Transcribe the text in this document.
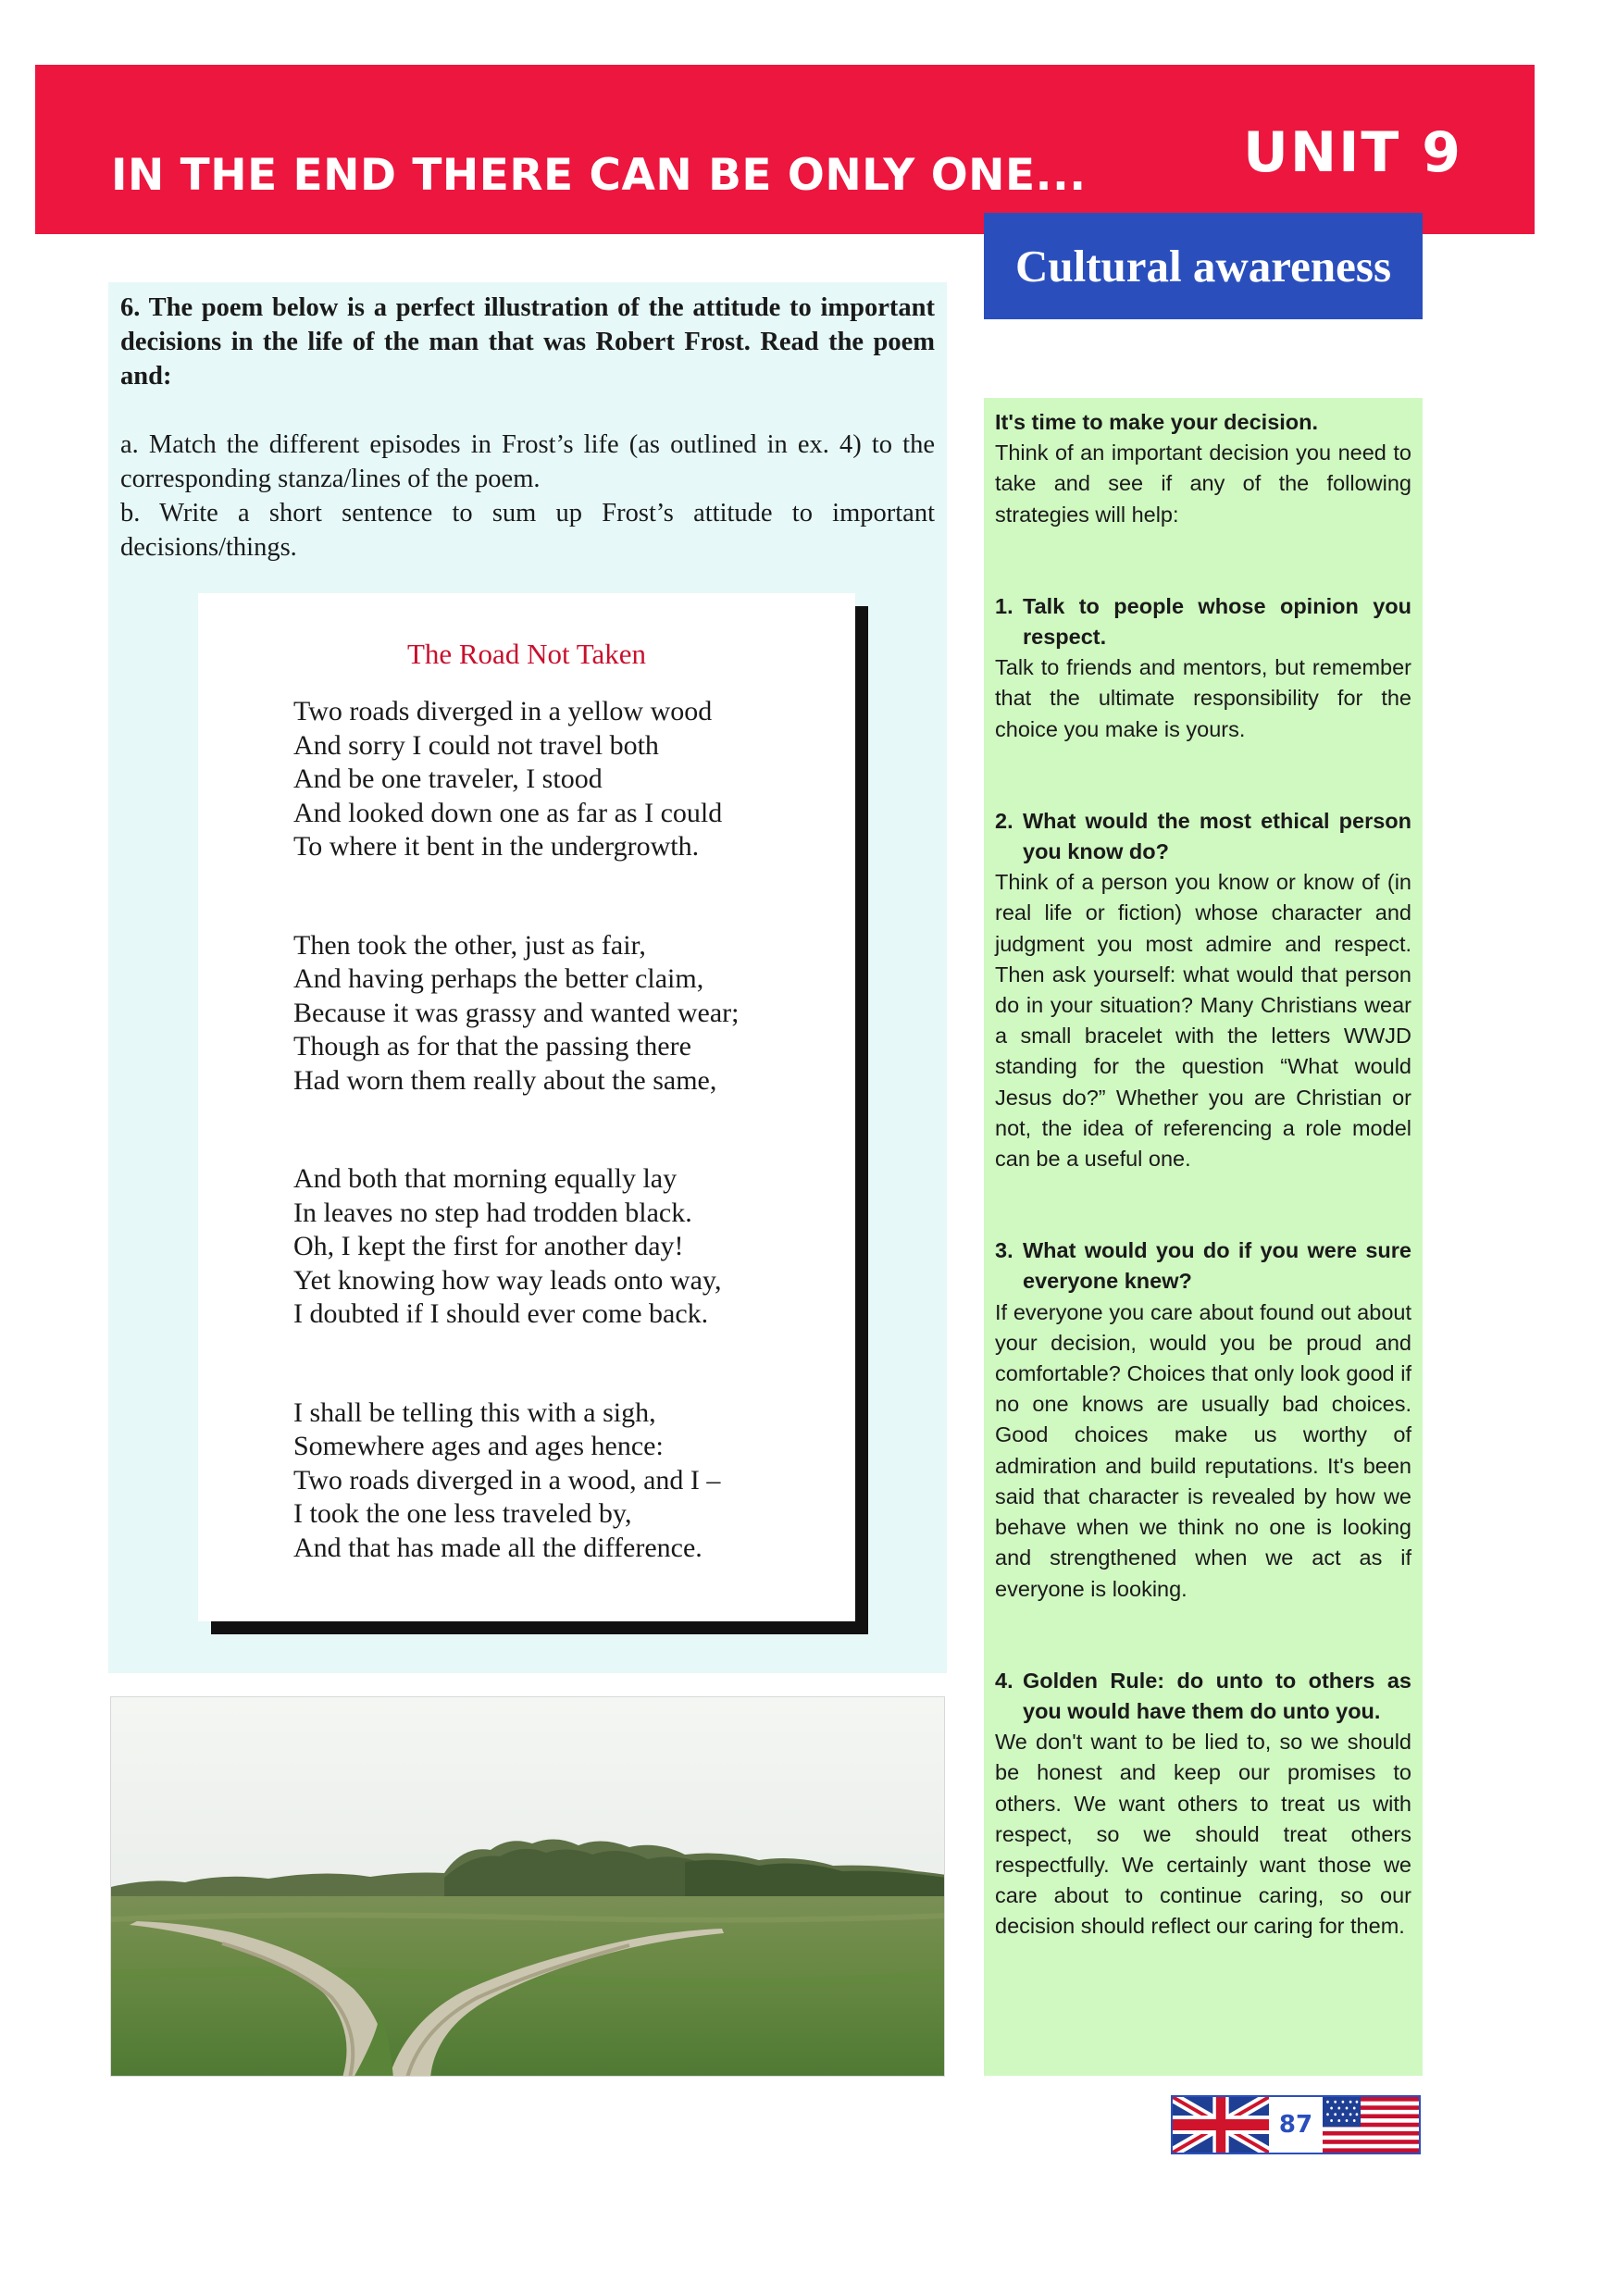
IN THE END THERE CAN BE ONLY ONE...	UNIT 9
6. The poem below is a perfect illustration of the attitude to important decisions in the life of the man that was Robert Frost. Read the poem and:
a. Match the different episodes in Frost’s life (as outlined in ex. 4) to the corresponding stanza/lines of the poem.
b. Write a short sentence to sum up Frost’s attitude to important decisions/things.
The Road Not Taken
Two roads diverged in a yellow wood
And sorry I could not travel both
And be one traveler, I stood
And looked down one as far as I could
To where it bent in the undergrowth.
Then took the other, just as fair,
And having perhaps the better claim,
Because it was grassy and wanted wear;
Though as for that the passing there
Had worn them really about the same,
And both that morning equally lay
In leaves no step had trodden black.
Oh, I kept the first for another day!
Yet knowing how way leads onto way,
I doubted if I should ever come back.
I shall be telling this with a sigh,
Somewhere ages and ages hence:
Two roads diverged in a wood, and I –
I took the one less traveled by,
And that has made all the difference.
Cultural awareness
It's time to make your decision.
Think of an important decision you need to take and see if any of the following strategies will help:
1. Talk to people whose opinion you respect.
Talk to friends and mentors, but remember that the ultimate responsibility for the choice you make is yours.
2. What would the most ethical person you know do?
Think of a person you know or know of (in real life or fiction) whose character and judgment you most admire and respect. Then ask yourself: what would that person do in your situation? Many Christians wear a small bracelet with the letters WWJD standing for the question “What would Jesus do?” Whether you are Christian or not, the idea of referencing a role model can be a useful one.
3. What would you do if you were sure everyone knew?
If everyone you care about found out about your decision, would you be proud and comfortable? Choices that only look good if no one knows are usually bad choices. Good choices make us worthy of admiration and build reputations. It's been said that character is revealed by how we behave when we think no one is looking and strengthened when we act as if everyone is looking.
4. Golden Rule: do unto to others as you would have them do unto you.
We don't want to be lied to, so we should be honest and keep our promises to others. We want others to treat us with respect, so we should treat others respectfully. We certainly want those we care about to continue caring, so our decision should reflect our caring for them.
87
